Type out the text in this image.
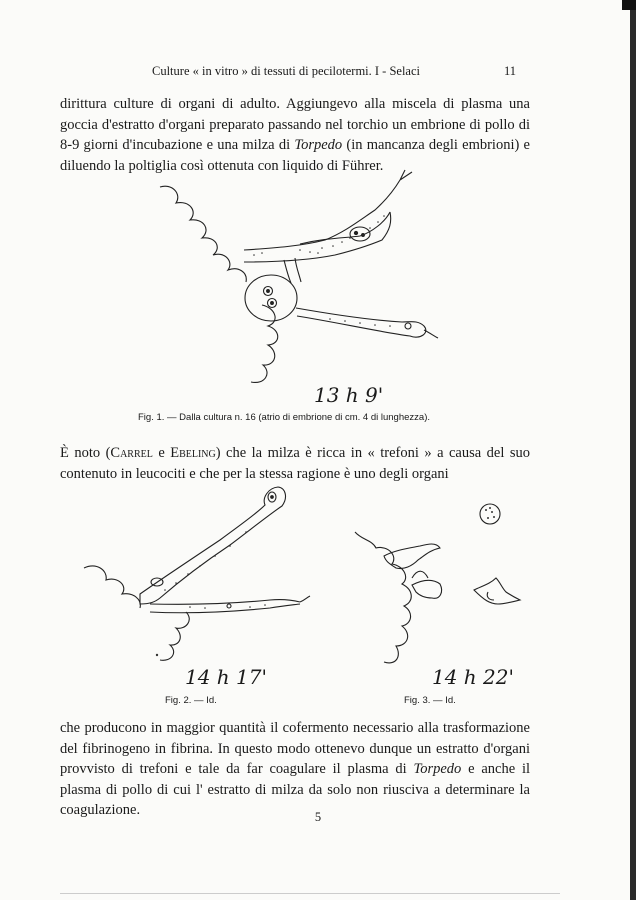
Culture « in vitro » di tessuti di pecilotermi. I - Selaci	11

dirittura culture di organi di adulto. Aggiungevo alla miscela di plasma una goccia d'estratto d'organi preparato passando nel torchio un embrione di pollo di 8-9 giorni d'incubazione e una milza di Torpedo (in mancanza degli embrioni) e diluendo la poltiglia così ottenuta con liquido di Führer.

13 h 9'
Fig. 1. — Dalla cultura n. 16 (atrio di embrione di cm. 4 di lunghezza).

È noto (Carrel e Ebeling) che la milza è ricca in « trefoni » a causa del suo contenuto in leucociti e che per la stessa ragione è uno degli organi

14 h 17'
Fig. 2. — Id.
14 h 22'
Fig. 3. — Id.

che producono in maggior quantità il cofermento necessario alla trasformazione del fibrinogeno in fibrina. In questo modo ottenevo dunque un estratto d'organi provvisto di trefoni e tale da far coagulare il plasma di Torpedo e anche il plasma di pollo di cui l' estratto di milza da solo non riusciva a determinare la coagulazione.	5
